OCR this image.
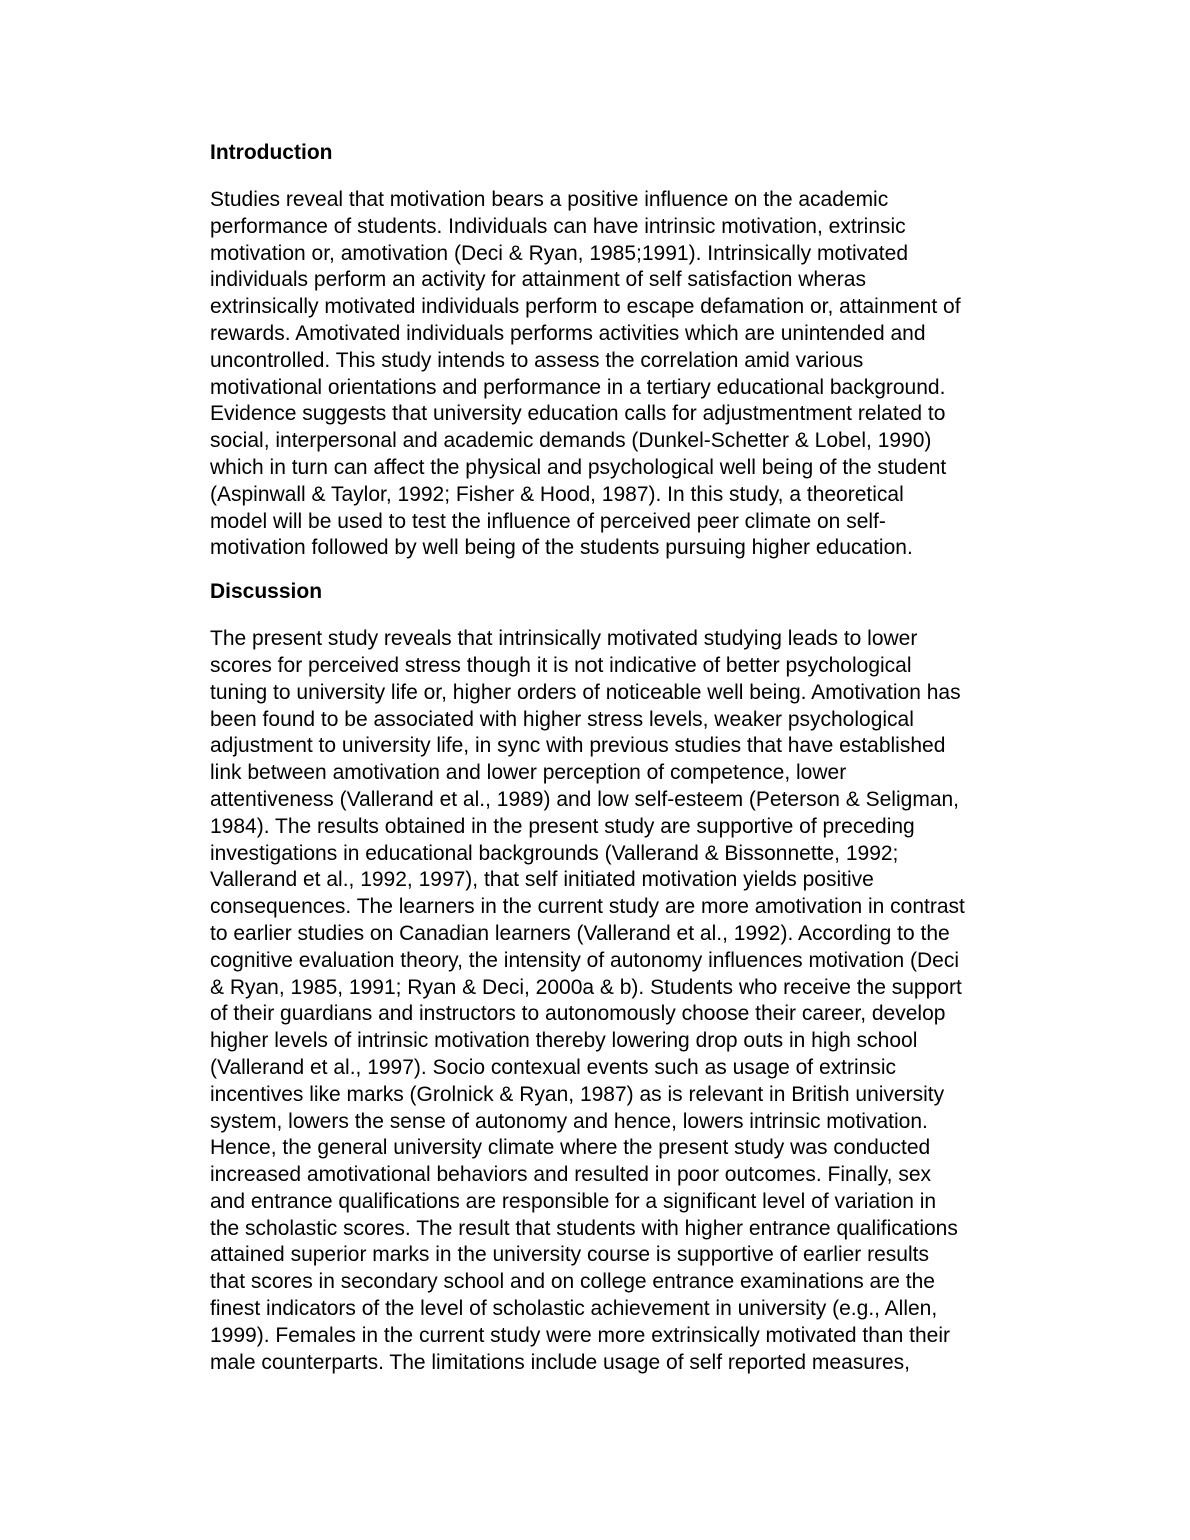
Introduction
Studies reveal that motivation bears a positive influence on the academic
performance of students. Individuals can have intrinsic motivation, extrinsic
motivation or, amotivation (Deci & Ryan, 1985;1991). Intrinsically motivated
individuals perform an activity for attainment of self satisfaction wheras
extrinsically motivated individuals perform to escape defamation or, attainment of
rewards. Amotivated individuals performs activities which are unintended and
uncontrolled. This study intends to assess the correlation amid various
motivational orientations and performance in a tertiary educational background.
Evidence suggests that university education calls for adjustmentment related to
social, interpersonal and academic demands (Dunkel-Schetter & Lobel, 1990)
which in turn can affect the physical and psychological well being of the student
(Aspinwall & Taylor, 1992; Fisher & Hood, 1987). In this study, a theoretical
model will be used to test the influence of perceived peer climate on self-
motivation followed by well being of the students pursuing higher education.
Discussion
The present study reveals that intrinsically motivated studying leads to lower
scores for perceived stress though it is not indicative of better psychological
tuning to university life or, higher orders of noticeable well being. Amotivation has
been found to be associated with higher stress levels, weaker psychological
adjustment to university life, in sync with previous studies that have established
link between amotivation and lower perception of competence, lower
attentiveness (Vallerand et al., 1989) and low self-esteem (Peterson & Seligman,
1984). The results obtained in the present study are supportive of preceding
investigations in educational backgrounds (Vallerand & Bissonnette, 1992;
Vallerand et al., 1992, 1997), that self initiated motivation yields positive
consequences. The learners in the current study are more amotivation in contrast
to earlier studies on Canadian learners (Vallerand et al., 1992). According to the
cognitive evaluation theory, the intensity of autonomy influences motivation (Deci
& Ryan, 1985, 1991; Ryan & Deci, 2000a & b). Students who receive the support
of their guardians and instructors to autonomously choose their career, develop
higher levels of intrinsic motivation thereby lowering drop outs in high school
(Vallerand et al., 1997). Socio contexual events such as usage of extrinsic
incentives like marks (Grolnick & Ryan, 1987) as is relevant in British university
system, lowers the sense of autonomy and hence, lowers intrinsic motivation.
Hence, the general university climate where the present study was conducted
increased amotivational behaviors and resulted in poor outcomes. Finally, sex
and entrance qualifications are responsible for a significant level of variation in
the scholastic scores. The result that students with higher entrance qualifications
attained superior marks in the university course is supportive of earlier results
that scores in secondary school and on college entrance examinations are the
finest indicators of the level of scholastic achievement in university (e.g., Allen,
1999). Females in the current study were more extrinsically motivated than their
male counterparts. The limitations include usage of self reported measures,
